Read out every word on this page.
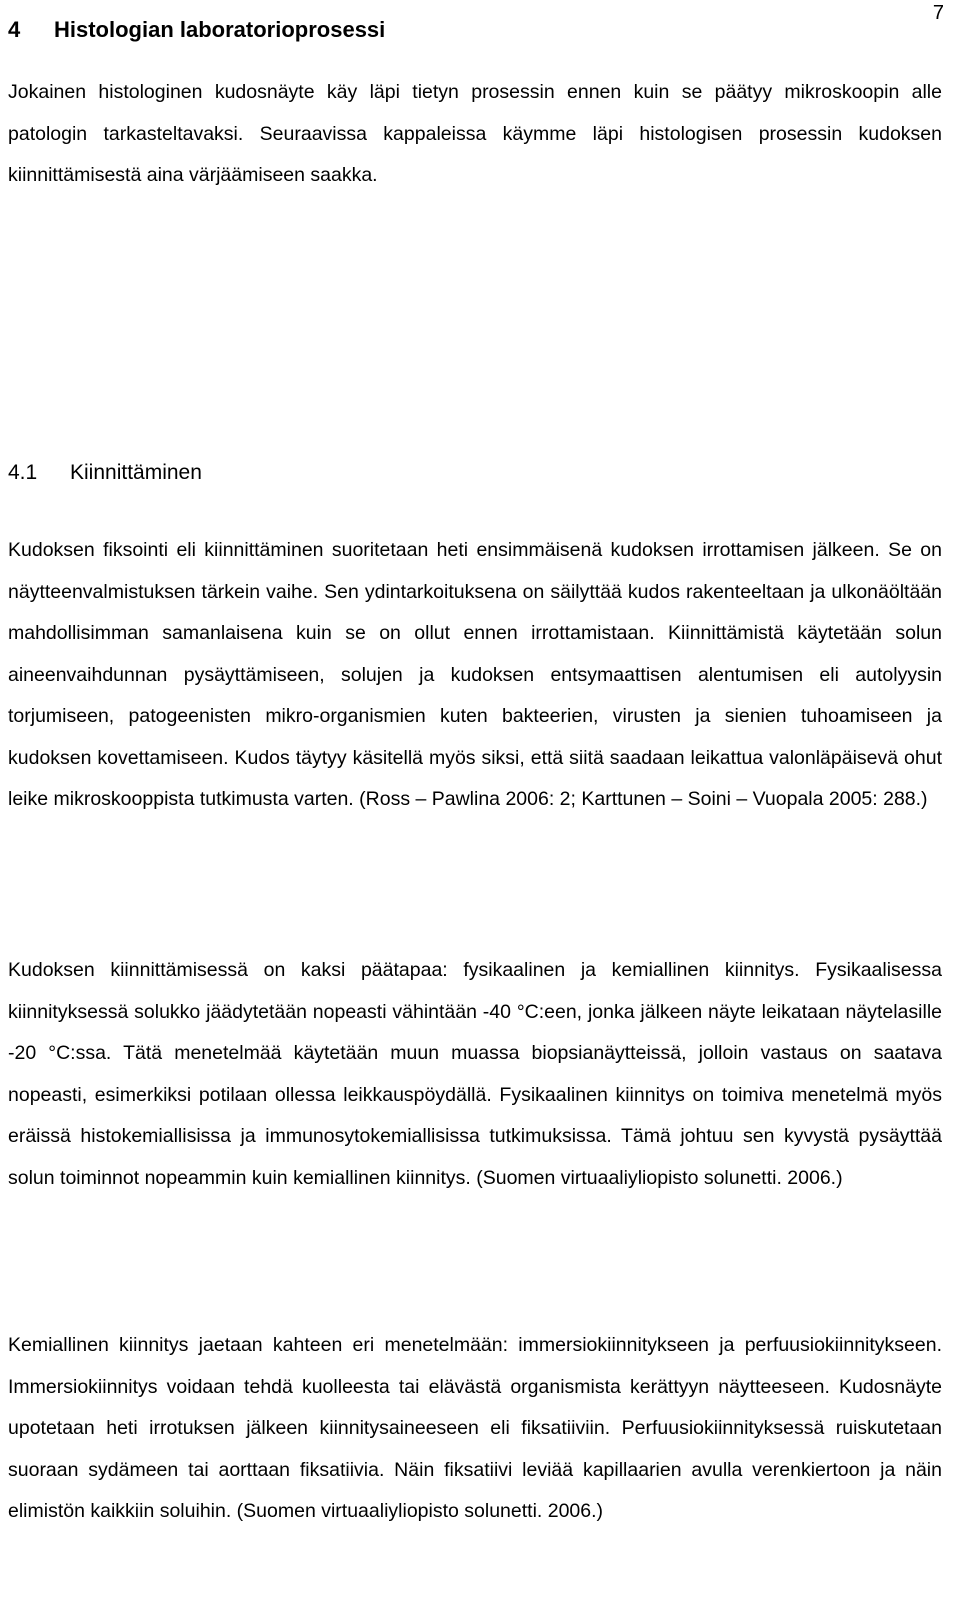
7

4 Histologian laboratorioprosessi

Jokainen histologinen kudosnäyte käy läpi tietyn prosessin ennen kuin se päätyy mikroskoopin alle patologin tarkasteltavaksi. Seuraavissa kappaleissa käymme läpi histologisen prosessin kudoksen kiinnittämisestä aina värjäämiseen saakka.

4.1 Kiinnittäminen

Kudoksen fiksointi eli kiinnittäminen suoritetaan heti ensimmäisenä kudoksen irrottamisen jälkeen. Se on näytteenvalmistuksen tärkein vaihe. Sen ydintarkoituksena on säilyttää kudos rakenteeltaan ja ulkonäöltään mahdollisimman samanlaisena kuin se on ollut ennen irrottamistaan. Kiinnittämistä käytetään solun aineenvaihdunnan pysäyttämiseen, solujen ja kudoksen entsymaattisen alentumisen eli autolyysin torjumiseen, patogeenisten mikro-organismien kuten bakteerien, virusten ja sienien tuhoamiseen ja kudoksen kovettamiseen. Kudos täytyy käsitellä myös siksi, että siitä saadaan leikattua valonläpäisevä ohut leike mikroskooppista tutkimusta varten. (Ross – Pawlina 2006: 2; Karttunen – Soini – Vuopala 2005: 288.)

Kudoksen kiinnittämisessä on kaksi päätapaa: fysikaalinen ja kemiallinen kiinnitys. Fysikaalisessa kiinnityksessä solukko jäädytetään nopeasti vähintään -40 °C:een, jonka jälkeen näyte leikataan näytelasille -20 °C:ssa. Tätä menetelmää käytetään muun muassa biopsianäytteissä, jolloin vastaus on saatava nopeasti, esimerkiksi potilaan ollessa leikkauspöydällä. Fysikaalinen kiinnitys on toimiva menetelmä myös eräissä histokemiallisissa ja immunosytokemiallisissa tutkimuksissa. Tämä johtuu sen kyvystä pysäyttää solun toiminnot nopeammin kuin kemiallinen kiinnitys. (Suomen virtuaaliyliopisto solunetti. 2006.)

Kemiallinen kiinnitys jaetaan kahteen eri menetelmään: immersiokiinnitykseen ja perfuusiokiinnitykseen. Immersiokiinnitys voidaan tehdä kuolleesta tai elävästä organismista kerättyyn näytteeseen. Kudosnäyte upotetaan heti irrotuksen jälkeen kiinnitysaineeseen eli fiksatiiviin. Perfuusiokiinnityksessä ruiskutetaan suoraan sydämeen tai aorttaan fiksatiivia. Näin fiksatiivi leviää kapillaarien avulla verenkiertoon ja näin elimistön kaikkiin soluihin. (Suomen virtuaaliyliopisto solunetti. 2006.)
